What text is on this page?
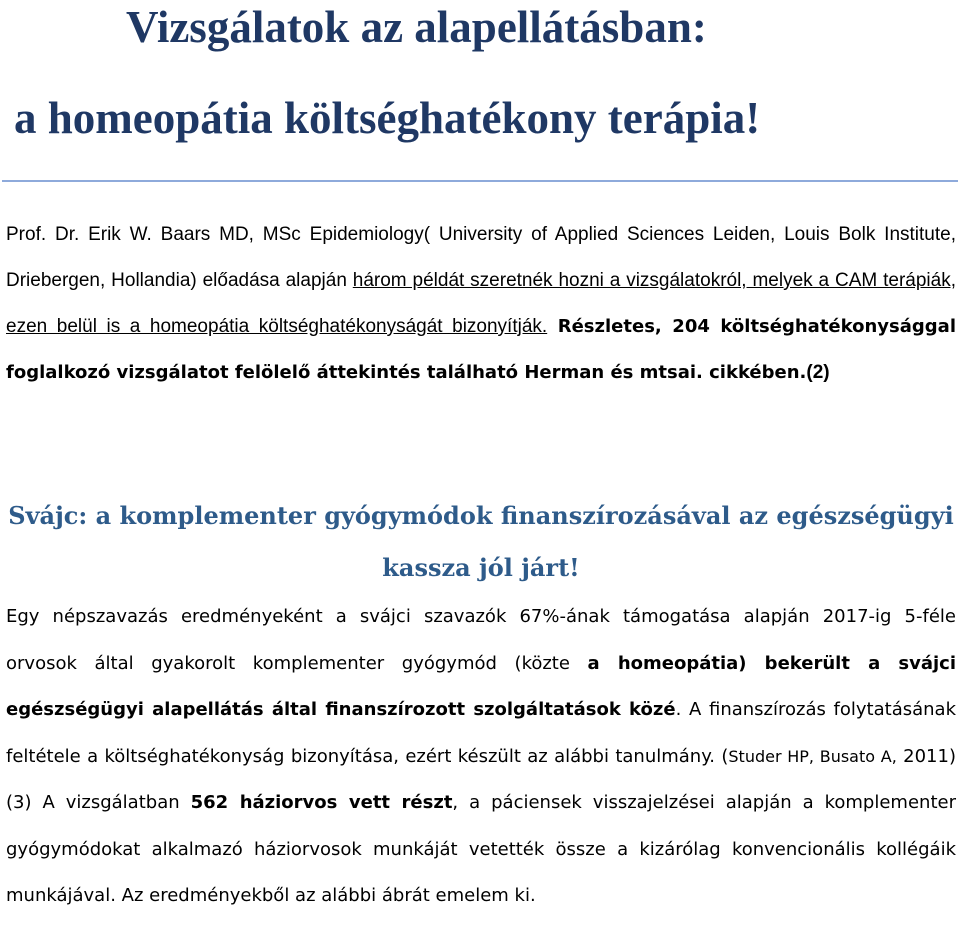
Vizsgálatok az alapellátásban:
a homeopátia költséghatékony terápia!

Prof. Dr. Erik W. Baars MD, MSc Epidemiology( University of Applied Sciences Leiden, Louis Bolk Institute, Driebergen, Hollandia) előadása alapján három példát szeretnék hozni a vizsgálatokról, melyek a CAM terápiák, ezen belül is a homeopátia költséghatékonyságát bizonyítják. Részletes, 204 költséghatékonysággal foglalkozó vizsgálatot felölelő áttekintés található Herman és mtsai. cikkében.(2)

Svájc: a komplementer gyógymódok finanszírozásával az egészségügyi kassza jól járt!

Egy népszavazás eredményeként a svájci szavazók 67%-ának támogatása alapján 2017-ig 5-féle orvosok által gyakorolt komplementer gyógymód (közte a homeopátia) bekerült a svájci egészségügyi alapellátás által finanszírozott szolgáltatások közé. A finanszírozás folytatásának feltétele a költséghatékonyság bizonyítása, ezért készült az alábbi tanulmány. (Studer HP, Busato A, 2011) (3) A vizsgálatban 562 háziorvos vett részt, a páciensek visszajelzései alapján a komplementer gyógymódokat alkalmazó háziorvosok munkáját vetették össze a kizárólag konvencionális kollégáik munkájával. Az eredményekből az alábbi ábrát emelem ki.
